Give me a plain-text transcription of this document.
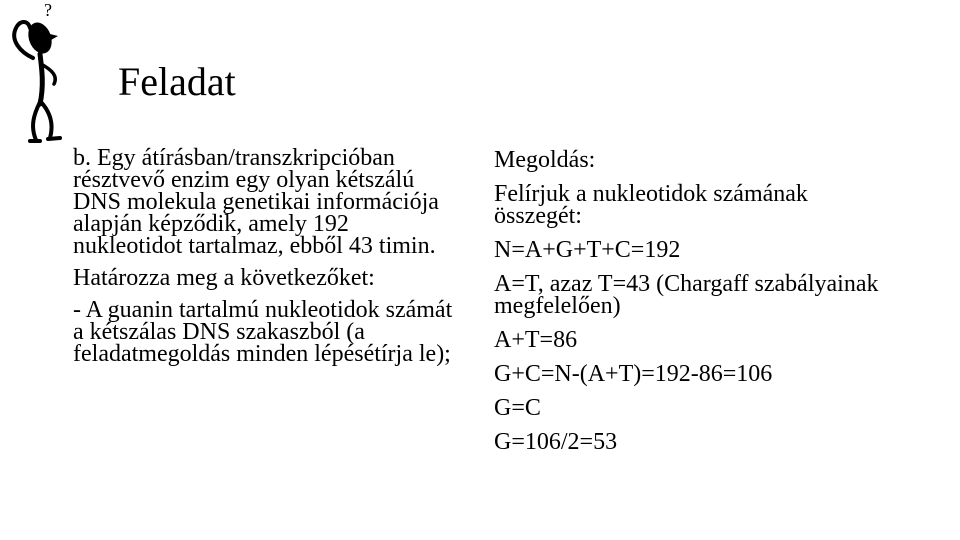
?
Feladat

b. Egy átírásban/transzkripcióban résztvevő enzim egy olyan kétszálú DNS molekula genetikai információja alapján képződik, amely 192 nukleotidot tartalmaz, ebből 43 timin.

Határozza meg a következőket:

- A guanin tartalmú nukleotidok számát a kétszálas DNS szakaszból (a feladatmegoldás minden lépésétírja le);

Megoldás:

Felírjuk a nukleotidok számának összegét:

N=A+G+T+C=192

A=T, azaz T=43 (Chargaff szabályainak megfelelően)

A+T=86

G+C=N-(A+T)=192-86=106

G=C

G=106/2=53
